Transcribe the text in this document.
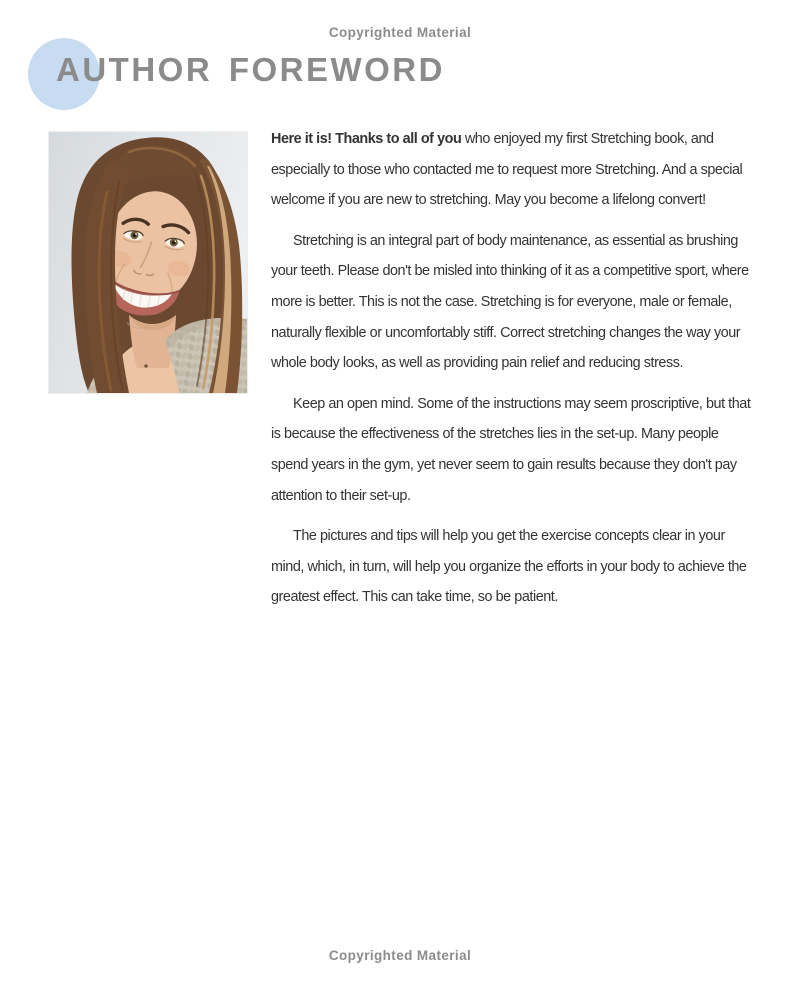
Copyrighted Material
AUTHOR FOREWORD

Here it is! Thanks to all of you who enjoyed my first Stretching book, and especially to those who contacted me to request more Stretching. And a special welcome if you are new to stretching. May you become a lifelong convert!

Stretching is an integral part of body maintenance, as essential as brushing your teeth. Please don't be misled into thinking of it as a competitive sport, where more is better. This is not the case. Stretching is for everyone, male or female, naturally flexible or uncomfortably stiff. Correct stretching changes the way your whole body looks, as well as providing pain relief and reducing stress.

Keep an open mind. Some of the instructions may seem proscriptive, but that is because the effectiveness of the stretches lies in the set-up. Many people spend years in the gym, yet never seem to gain results because they don't pay attention to their set-up.

The pictures and tips will help you get the exercise concepts clear in your mind, which, in turn, will help you organize the efforts in your body to achieve the greatest effect. This can take time, so be patient.

Copyrighted Material
